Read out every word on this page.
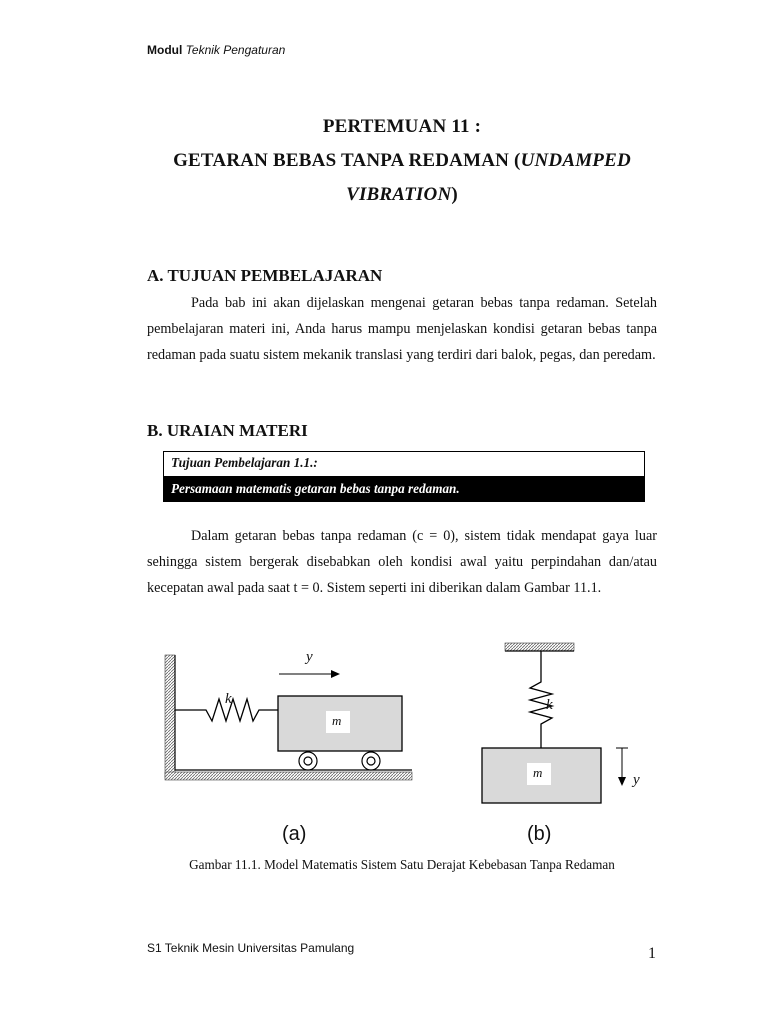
Modul Teknik Pengaturan
PERTEMUAN 11 :
GETARAN BEBAS TANPA REDAMAN (UNDAMPED
VIBRATION)
A. TUJUAN PEMBELAJARAN

Pada bab ini akan dijelaskan mengenai getaran bebas tanpa redaman. Setelah pembelajaran materi ini, Anda harus mampu menjelaskan kondisi getaran bebas tanpa redaman pada suatu sistem mekanik translasi yang terdiri dari balok, pegas, dan peredam.

B. URAIAN MATERI
Tujuan Pembelajaran 1.1.:
Persamaan matematis getaran bebas tanpa redaman.

Dalam getaran bebas tanpa redaman (c = 0), sistem tidak mendapat gaya luar sehingga sistem bergerak disebabkan oleh kondisi awal yaitu perpindahan dan/atau kecepatan awal pada saat t = 0. Sistem seperti ini diberikan dalam Gambar 11.1.

y
k
m
k
m	y
(a)	(b)
Gambar 11.1. Model Matematis Sistem Satu Derajat Kebebasan Tanpa Redaman
S1 Teknik Mesin Universitas Pamulang	1
